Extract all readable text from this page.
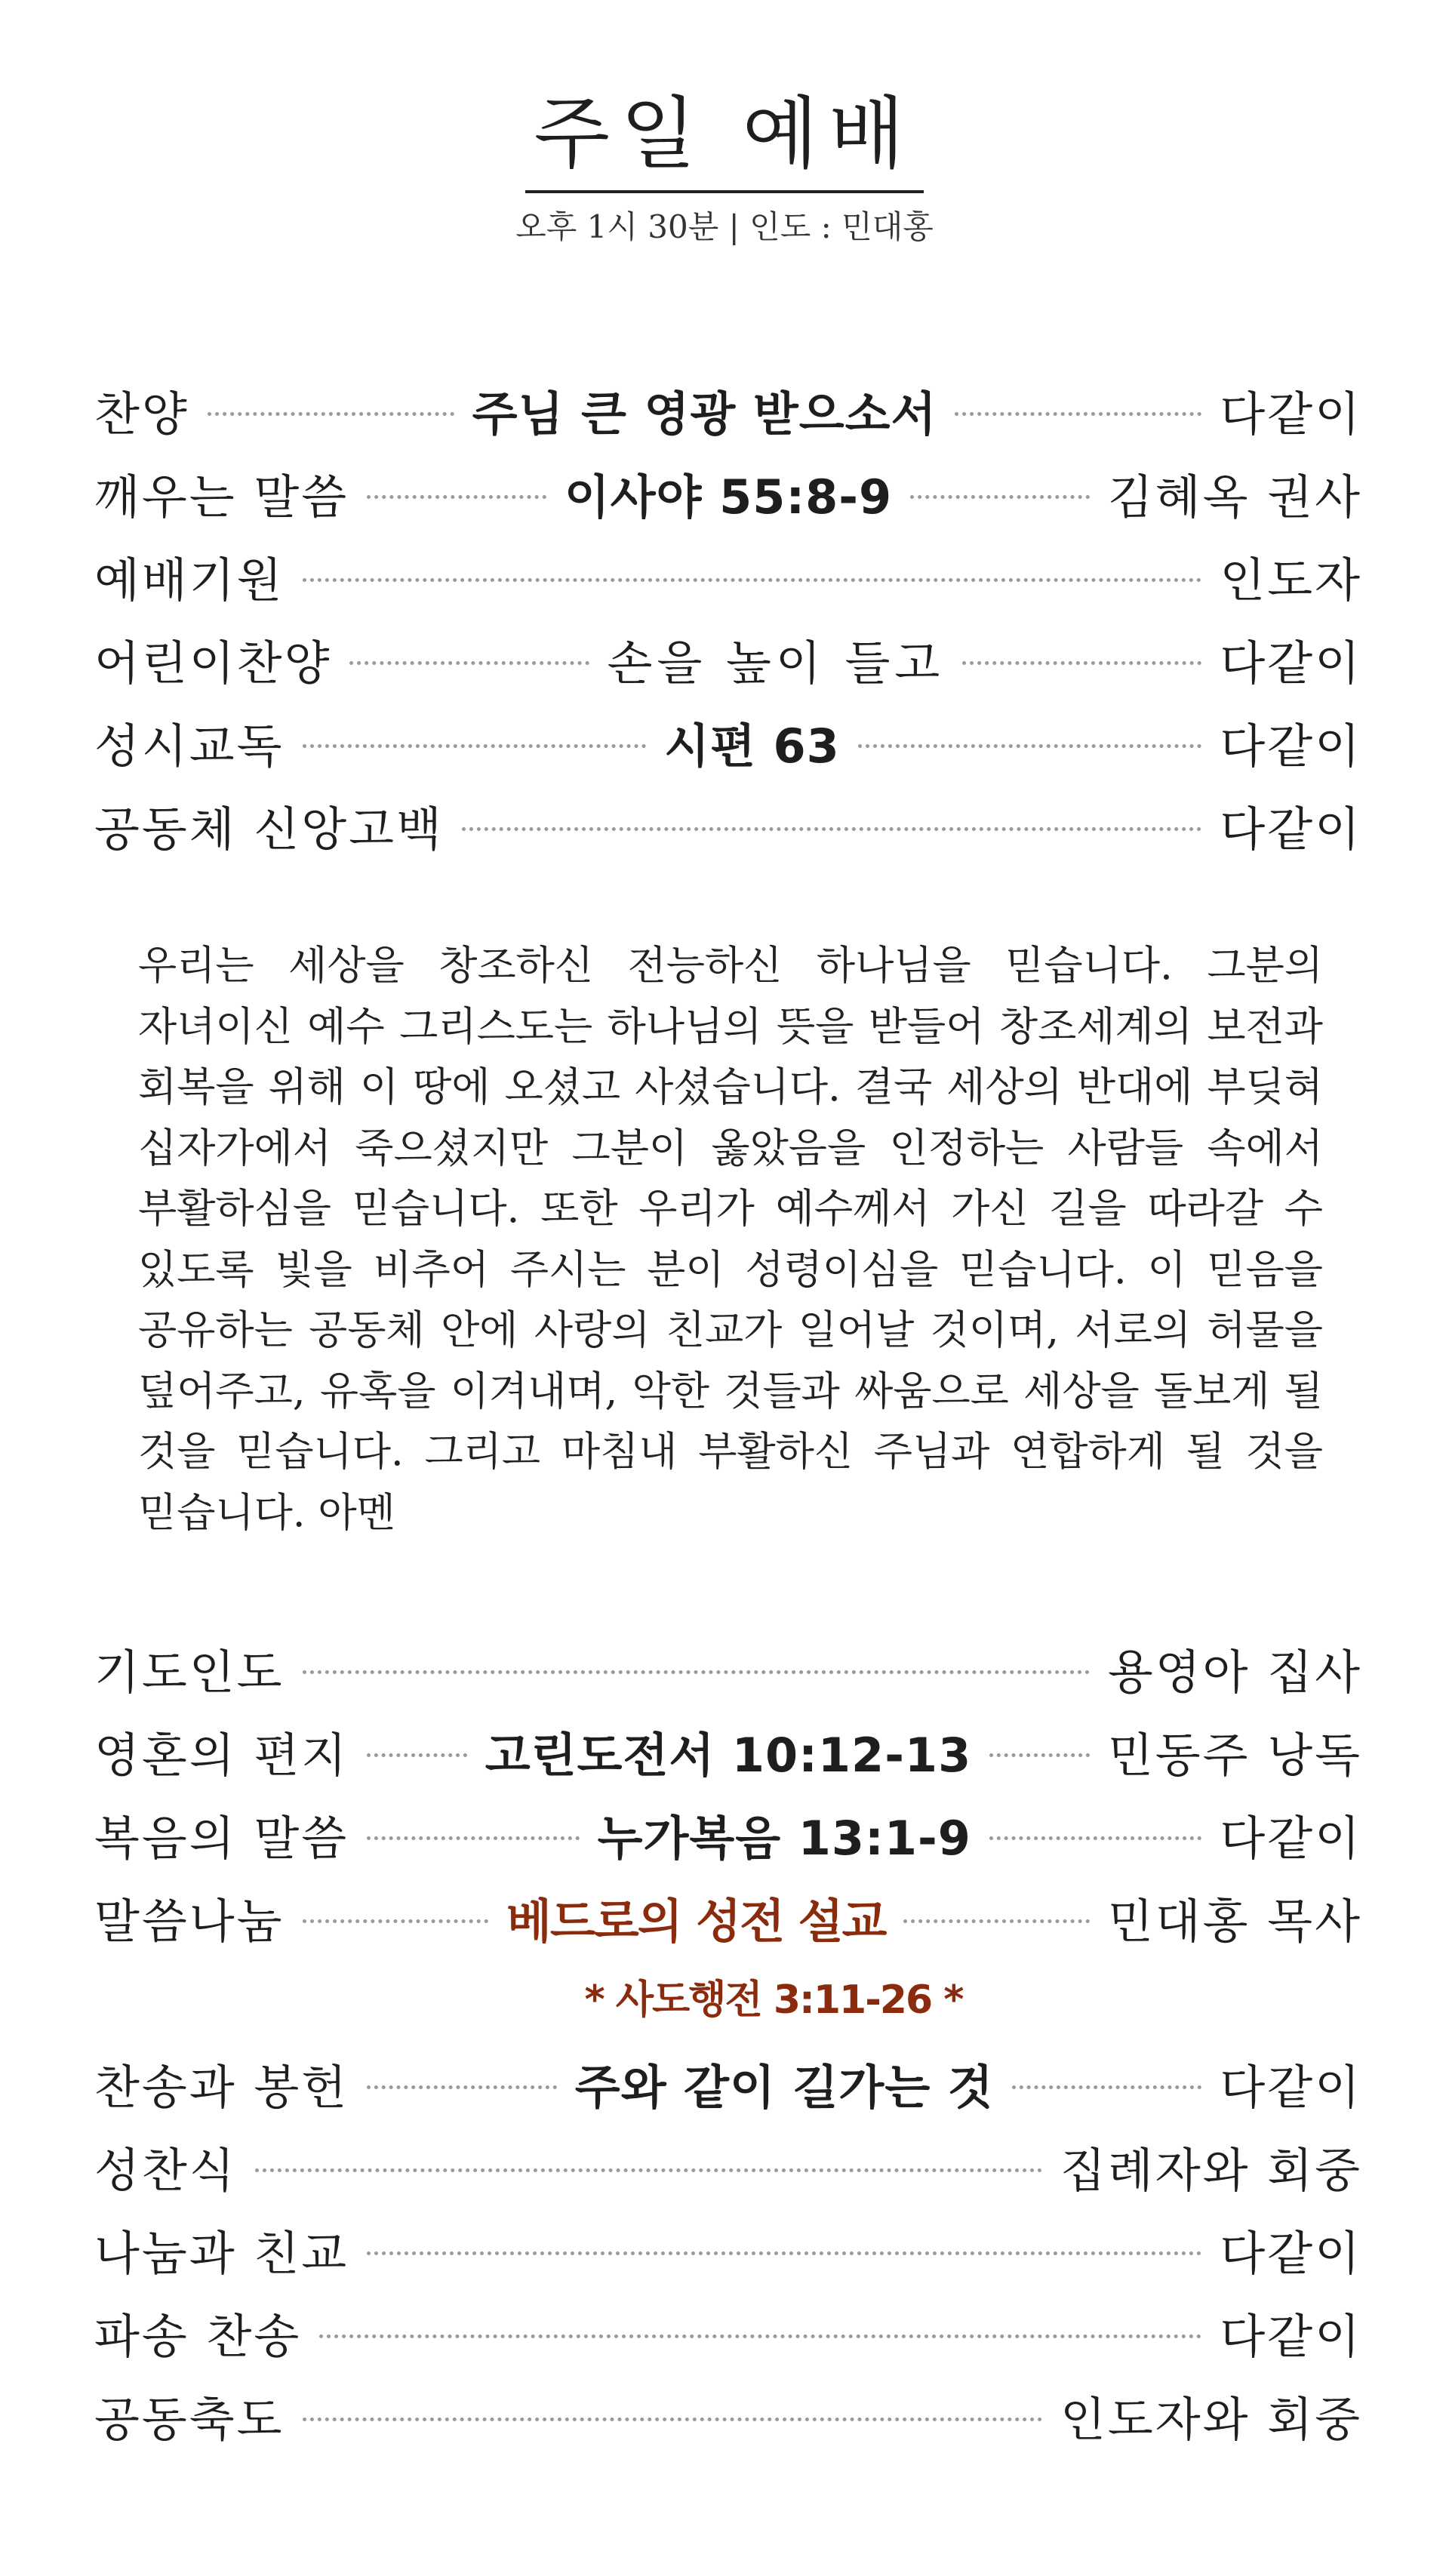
주일 예배
오후 1시 30분 | 인도 : 민대홍
찬양	주님 큰 영광 받으소서	다같이
깨우는 말씀	이사야 55:8-9	김혜옥 권사
예배기원	인도자
어린이찬양	손을 높이 들고	다같이
성시교독	시편 63	다같이
공동체 신앙고백	다같이
우리는 세상을 창조하신 전능하신 하나님을 믿습니다. 그분의 자녀이신 예수 그리스도는 하나님의 뜻을 받들어 창조세계의 보전과 회복을 위해 이 땅에 오셨고 사셨습니다. 결국 세상의 반대에 부딪혀 십자가에서 죽으셨지만 그분이 옳았음을 인정하는 사람들 속에서 부활하심을 믿습니다. 또한 우리가 예수께서 가신 길을 따라갈 수 있도록 빛을 비추어 주시는 분이 성령이심을 믿습니다. 이 믿음을 공유하는 공동체 안에 사랑의 친교가 일어날 것이며, 서로의 허물을 덮어주고, 유혹을 이겨내며, 악한 것들과 싸움으로 세상을 돌보게 될 것을 믿습니다. 그리고 마침내 부활하신 주님과 연합하게 될 것을 믿습니다. 아멘
기도인도	용영아 집사
영혼의 편지	고린도전서 10:12-13	민동주 낭독
복음의 말씀	누가복음 13:1-9	다같이
말씀나눔	베드로의 성전 설교	민대홍 목사
* 사도행전 3:11-26 *
찬송과 봉헌	주와 같이 길가는 것	다같이
성찬식	집례자와 회중
나눔과 친교	다같이
파송 찬송	다같이
공동축도	인도자와 회중
